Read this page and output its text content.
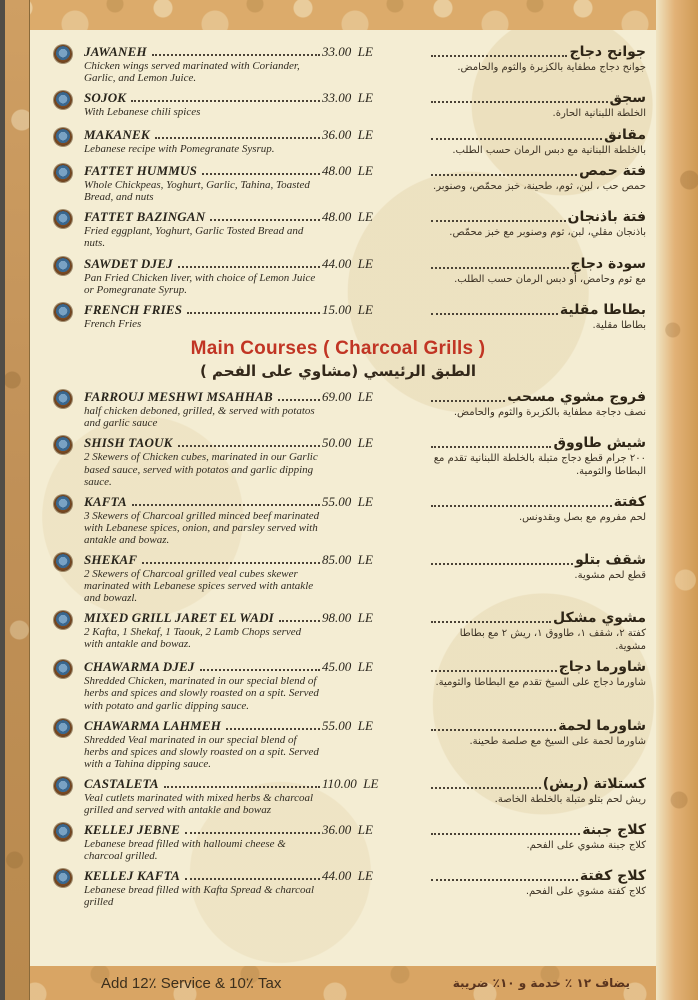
JAWANEH
Chicken wings served marinated with Coriander, Garlic, and Lemon Juice.
33.00 LE	جوانح دجاج
جوانح دجاج مطفاية بالكزبرة والثوم والحامض.
SOJOK
With Lebanese chili spices
33.00 LE	سجق
الخلطة اللبنانية الحارة.
MAKANEK
Lebanese recipe with Pomegranate Sysrup.
36.00 LE	مقانق
بالخلطة اللبنانية مع دبس الرمان حسب الطلب.
FATTET HUMMUS
Whole Chickpeas, Yoghurt, Garlic, Tahina, Toasted Bread, and nuts
48.00 LE	فتة حمص
حمص حب ، لبن، ثوم، طحينة، خبز محمّص، وصنوبر.
FATTET BAZINGAN
Fried eggplant, Yoghurt, Garlic Tosted Bread and nuts.
48.00 LE	فتة باذنجان
باذنجان مقلي، لبن، ثوم وصنوبر مع خبز محمّص.
SAWDET DJEJ
Pan Fried Chicken liver, with choice of Lemon Juice or Pomegranate Syrup.
44.00 LE	سودة دجاج
مع ثوم وحامض، أو دبس الرمان حسب الطلب.
FRENCH FRIES
French Fries
15.00 LE	بطاطا مقلية
بطاطا مقلية.
Main Courses ( Charcoal Grills )
الطبق الرئيسي (مشاوي على الفحم )
FARROUJ MESHWI MSAHHAB
half chicken deboned, grilled, & served with potatos and garlic sauce
69.00 LE	فروج مشوي مسحب
نصف دجاجة مطفاية بالكزبرة والثوم والحامض.
SHISH TAOUK
2 Skewers of Chicken cubes, marinated in our Garlic based sauce, served with potatos and garlic dipping sauce.
50.00 LE	شيش طاووق
٢٠٠ جرام قطع دجاج متبلة بالخلطة اللبنانية تقدم مع البطاطا والثومية.
KAFTA
3 Skewers of Charcoal grilled minced beef marinated with Lebanese spices, onion, and parsley served with antakle and bowaz.
55.00 LE	كفتة
لحم مفروم مع بصل وبقدونس.
SHEKAF
2 Skewers of Charcoal grilled veal cubes skewer marinated with Lebanese spices served with antakle and bowazl.
85.00 LE	شقف بتلو
قطع لحم مشوية.
MIXED GRILL JARET EL WADI
2 Kafta, 1 Shekaf, 1 Taouk, 2 Lamb Chops served with antakle and bowaz.
98.00 LE	مشوي مشكل
كفتة ٢، شقف ١، طاووق ١، ريش ٢ مع بطاطا مشوية.
CHAWARMA DJEJ
Shredded Chicken, marinated in our special blend of herbs and spices and slowly roasted on a spit. Served with potato and garlic dipping sauce.
45.00 LE	شاورما دجاج
شاورما دجاج على السيخ تقدم مع البطاطا والثومية.
CHAWARMA LAHMEH
Shredded Veal marinated in our special blend of herbs and spices and slowly roasted on a spit. Served with a Tahina dipping sauce.
55.00 LE	شاورما لحمة
شاورما لحمة على السيخ مع صلصة طحينة.
CASTALETA
Veal cutlets marinated with mixed herbs & charcoal grilled and served with antakle and bowaz
110.00 LE	كستلاتة (ريش)
ريش لحم بتلو متبلة بالخلطة الخاصة.
KELLEJ JEBNE
Lebanese bread filled with halloumi cheese & charcoal grilled.
36.00 LE	كلاج جبنة
كلاج جبنة مشوي على الفحم.
KELLEJ KAFTA
Lebanese bread filled with Kafta Spread & charcoal grilled
44.00 LE	كلاج كفتة
كلاج كفتة مشوي على الفحم.
Add 12٪ Service & 10٪ Tax	يضاف ١٢ ٪ خدمة و ١٠٪ ضريبة
